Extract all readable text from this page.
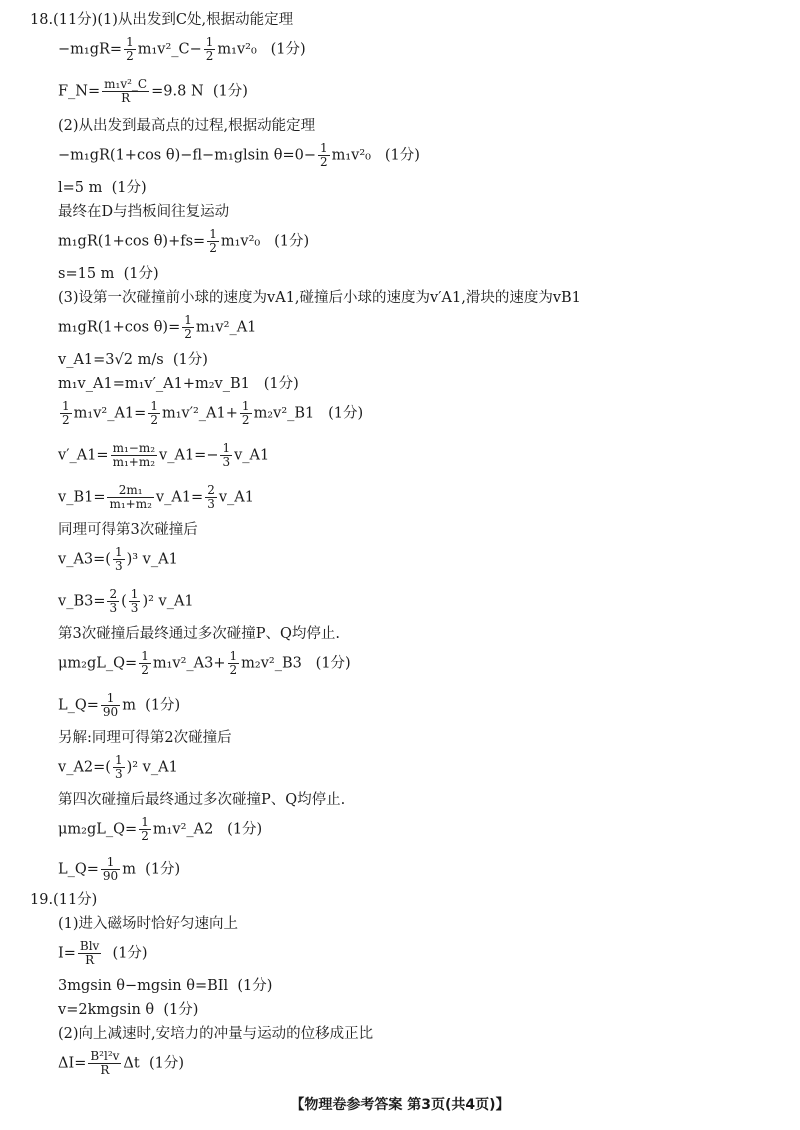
18.(11分)(1)从出发到C处,根据动能定理
$-m_1gR= \frac{1}{2}$ m₁v²_C− $\frac{1}{2} m_1v^2_0$ (1分)
F_N= $\frac{\text{m₁v²\_C}}{R} =9.8$ N (1分)
(2)从出发到最高点的过程,根据动能定理
−m₁gR(1+cos θ)−fl−m₁glsin $\theta=0- \frac{1}{2} m_1v^2_0$ (1分)
l=5 m (1分)
最终在D与挡板间往复运动
m₁gR(1+cos $\theta)+fs= \frac{1}{2} m_1v^2_0$ (1分)
s=15 m (1分)
(3)设第一次碰撞前小球的速度为vA1,碰撞后小球的速度为v′A1,滑块的速度为vB1
m₁gR(1+cos $\theta)= \frac{1}{2}$ m₁v²_A1
v_A1=3√2 m/s (1分)
m₁v_A1=m₁v′_A1+m₂v_B1 (1分)
$\frac{1}{2}$ m₁v²_A1= $\frac{1}{2}$ m₁v′²_A1+ $\frac{1}{2}$ m₂v²_B1 (1分)
v′_A1= $\frac{\text{m₁−m₂}}{\text{m₁+m₂}}$ v_A1=− $\frac{1}{3}$ v_A1
v_B1= $\frac{\text{2m₁}}{\text{m₁+m₂}}$ v_A1= $\frac{2}{3}$ v_A1
同理可得第3次碰撞后
v_A3=( $\frac{1}{3} )^3$ v_A1
v_B3= $\frac{2}{3}$ ( $\frac{1}{3} )^2$ v_A1
第3次碰撞后最终通过多次碰撞P、Q均停止.
μm₂gL_Q= $\frac{1}{2}$ m₁v²_A3+ $\frac{1}{2}$ m₂v²_B3 (1分)
L_Q= $\frac{1}{90}$ m (1分)
另解:同理可得第2次碰撞后
v_A2=( $\frac{1}{3} )^2$ v_A1
第四次碰撞后最终通过多次碰撞P、Q均停止.
μm₂gL_Q= $\frac{1}{2}$ m₁v²_A2 (1分)
L_Q= $\frac{1}{90}$ m (1分)
19.(11分)
(1)进入磁场时恰好匀速向上
$I= \frac{\text{Blv}}{R} (1$分)
3mgsin θ−mgsin θ=BIl (1分)
v=2kmgsin θ (1分)
(2)向上减速时,安培力的冲量与运动的位移成正比
$\Delta I= \frac{\text{B²l²v}}{R}$ Δt (1分)
【物理卷参考答案 第3页(共4页)】
